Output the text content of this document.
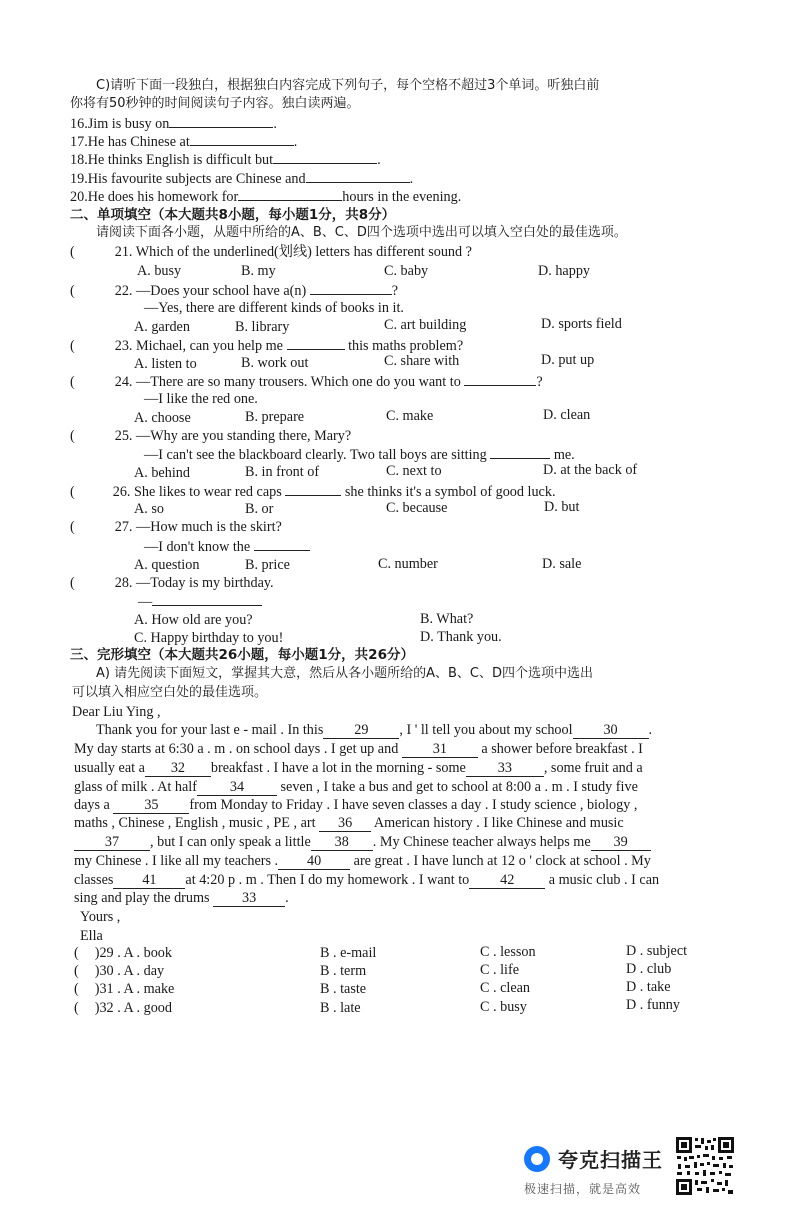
C)请听下面一段独白，根据独白内容完成下列句子，每个空格不超过3个单词。听独白前
你将有50秒钟的时间阅读句子内容。独白读两遍。
16.Jim is busy on	.
17.He has Chinese at	.
18.He thinks English is difficult but	.
19.His favourite subjects are Chinese and	.
20.He does his homework for	hours in the evening.
二、单项填空（本大题共8小题，每小题1分，共8分）
请阅读下面各小题，从题中所给的A、B、C、D四个选项中选出可以填入空白处的最佳选项。
(	21. Which of the underlined(划线) letters has different sound ?
A. busy	B. my	C. baby	D. happy
(	22. —Does your school have a(n)	?
—Yes, there are different kinds of books in it.
A. garden	B. library	C. art building	D. sports field
(	23. Michael, can you help me	this maths problem?
A. listen to	B. work out	C. share with	D. put up
(	24. —There are so many trousers. Which one do you want to	?
—I like the red one.
A. choose	B. prepare	C. make	D. clean
(	25. —Why are you standing there, Mary?
—I can't see the blackboard clearly. Two tall boys are sitting	me.
A. behind	B. in front of	C. next to	D. at the back of
(	26. She likes to wear red caps	she thinks it's a symbol of good luck.
A. so	B. or	C. because	D. but
(	27. —How much is the skirt?
—I don't know the
A. question	B. price	C. number	D. sale
(	28. —Today is my birthday.
—
A. How old are you?	B. What?
C. Happy birthday to you!	D. Thank you.
三、完形填空（本大题共26小题，每小题1分，共26分）
A) 请先阅读下面短文，掌握其大意，然后从各小题所给的A、B、C、D四个选项中选出
可以填入相应空白处的最佳选项。
Dear Liu Ying ,
Thank you for your last e - mail . In this 29 , I ' ll tell you about my school 30 .
My day starts at 6:30 a . m . on school days . I get up and 31 a shower before breakfast . I
usually eat a 32 breakfast . I have a lot in the morning - some 33 , some fruit and a
glass of milk . At half 34	seven , I take a bus and get to school at 8:00 a . m . I study five
days a 35 from Monday to Friday . I have seven classes a day . I study science , biology ,
maths , Chinese , English , music , PE , art 36 American history . I like Chinese and music
37 , but I can only speak a little 38 . My Chinese teacher always helps me 39
my Chinese . I like all my teachers . 40 are great . I have lunch at 12 o ' clock at school . My
classes 41 at 4:20 p . m . Then I do my homework . I want to 42 a music club . I can
sing and play the drums 33 .
Yours ,
Ella
( )29 . A . book	B . e-mail	C . lesson	D . subject
( )30 . A . day	B . term	C . life	D . club
( )31 . A . make	B . taste	C . clean	D . take
( )32 . A . good	B . late	C . busy	D . funny
夸克扫描王
极速扫描，就是高效
